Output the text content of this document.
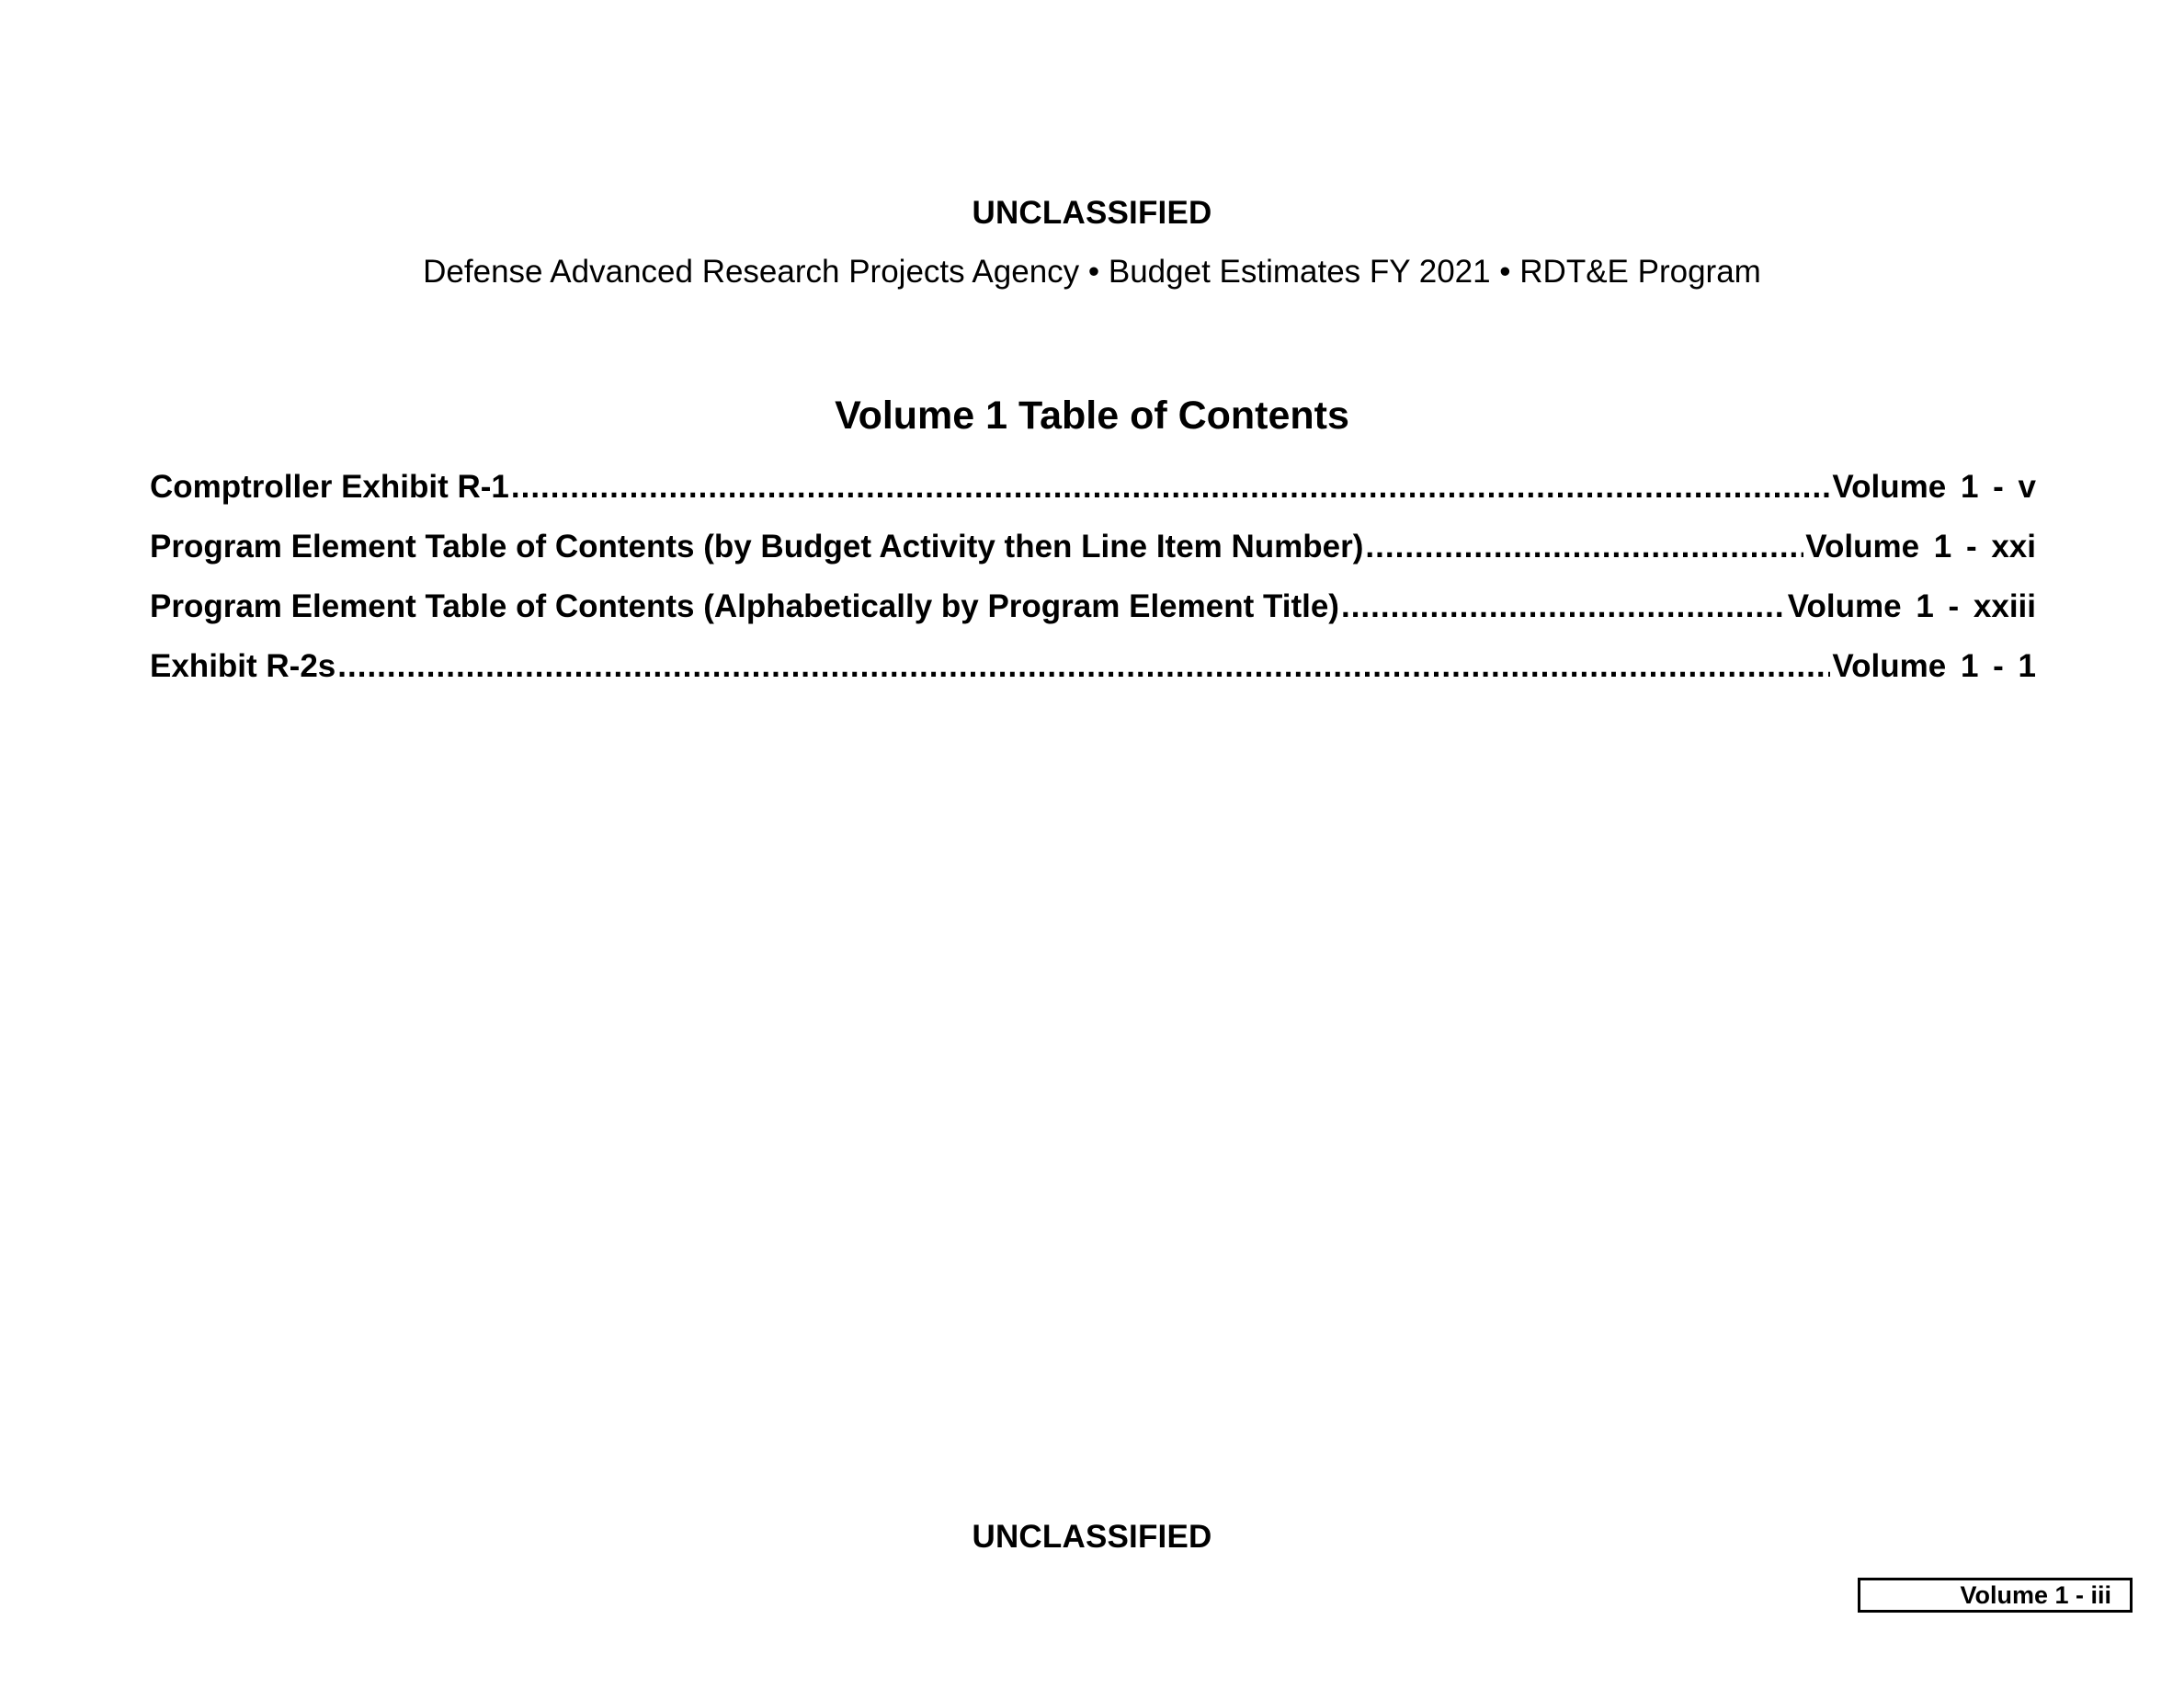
UNCLASSIFIED
Defense Advanced Research Projects Agency • Budget Estimates FY 2021 • RDT&E Program
Volume 1 Table of Contents
Comptroller Exhibit R-1 .....	Volume 1 - v
Program Element Table of Contents (by Budget Activity then Line Item Number) .....	Volume 1 - xxi
Program Element Table of Contents (Alphabetically by Program Element Title) .....	Volume 1 - xxiii
Exhibit R-2s .....	Volume 1 - 1
UNCLASSIFIED
Volume 1 - iii
